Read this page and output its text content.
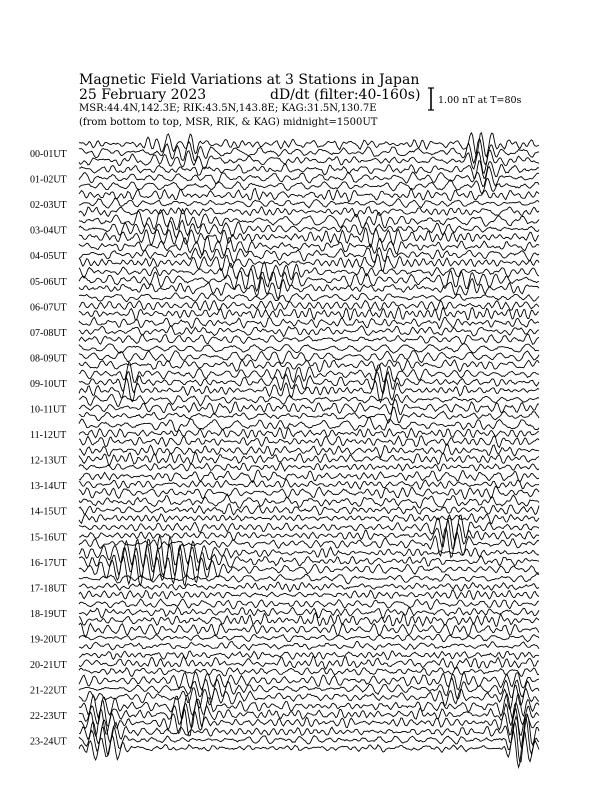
Magnetic Field Variations at 3 Stations in Japan
25 February 2023	dD/dt (filter:40-160s)
MSR:44.4N,142.3E; RIK:43.5N,143.8E; KAG:31.5N,130.7E
(from bottom to top, MSR, RIK, & KAG) midnight=1500UT
1.00 nT at T=80s
00-01UT
01-02UT
02-03UT
03-04UT
04-05UT
05-06UT
06-07UT
07-08UT
08-09UT
09-10UT
10-11UT
11-12UT
12-13UT
13-14UT
14-15UT
15-16UT
16-17UT
17-18UT
18-19UT
19-20UT
20-21UT
21-22UT
22-23UT
23-24UT
